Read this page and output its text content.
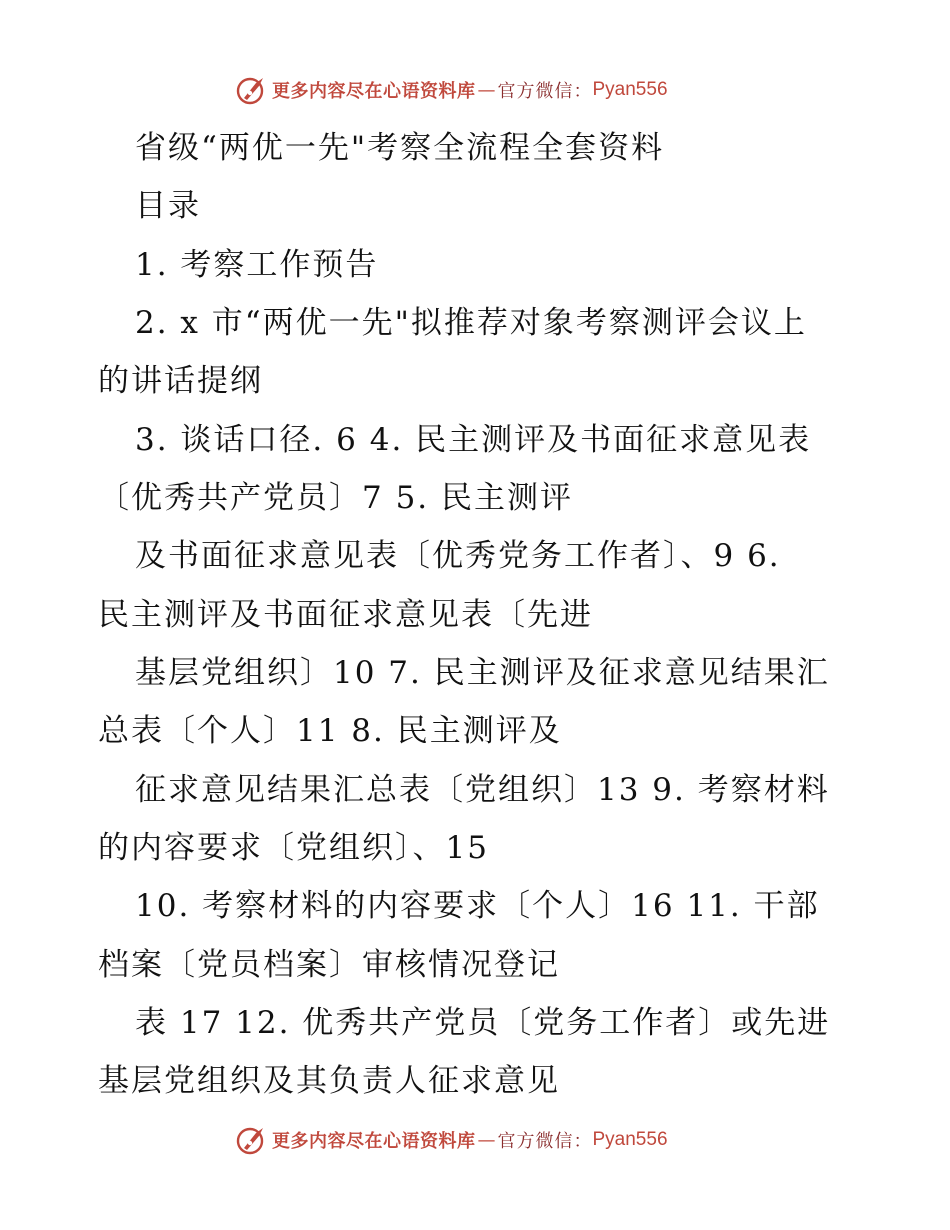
更多内容尽在心语资料库 — 官方微信： Pyan556
省级“两优一先"考察全流程全套资料
目录
1. 考察工作预告
2. x 市“两优一先"拟推荐对象考察测评会议上
的讲话提纲
3. 谈话口径. 6 4. 民主测评及书面征求意见表
〔优秀共产党员〕7 5. 民主测评
及书面征求意见表〔优秀党务工作者〕、9 6.
民主测评及书面征求意见表〔先进
基层党组织〕10 7. 民主测评及征求意见结果汇
总表〔个人〕11 8. 民主测评及
征求意见结果汇总表〔党组织〕13 9. 考察材料
的内容要求〔党组织〕、15
10. 考察材料的内容要求〔个人〕16 11. 干部
档案〔党员档案〕审核情况登记
表 17 12. 优秀共产党员〔党务工作者〕或先进
基层党组织及其负责人征求意见
更多内容尽在心语资料库 — 官方微信： Pyan556
